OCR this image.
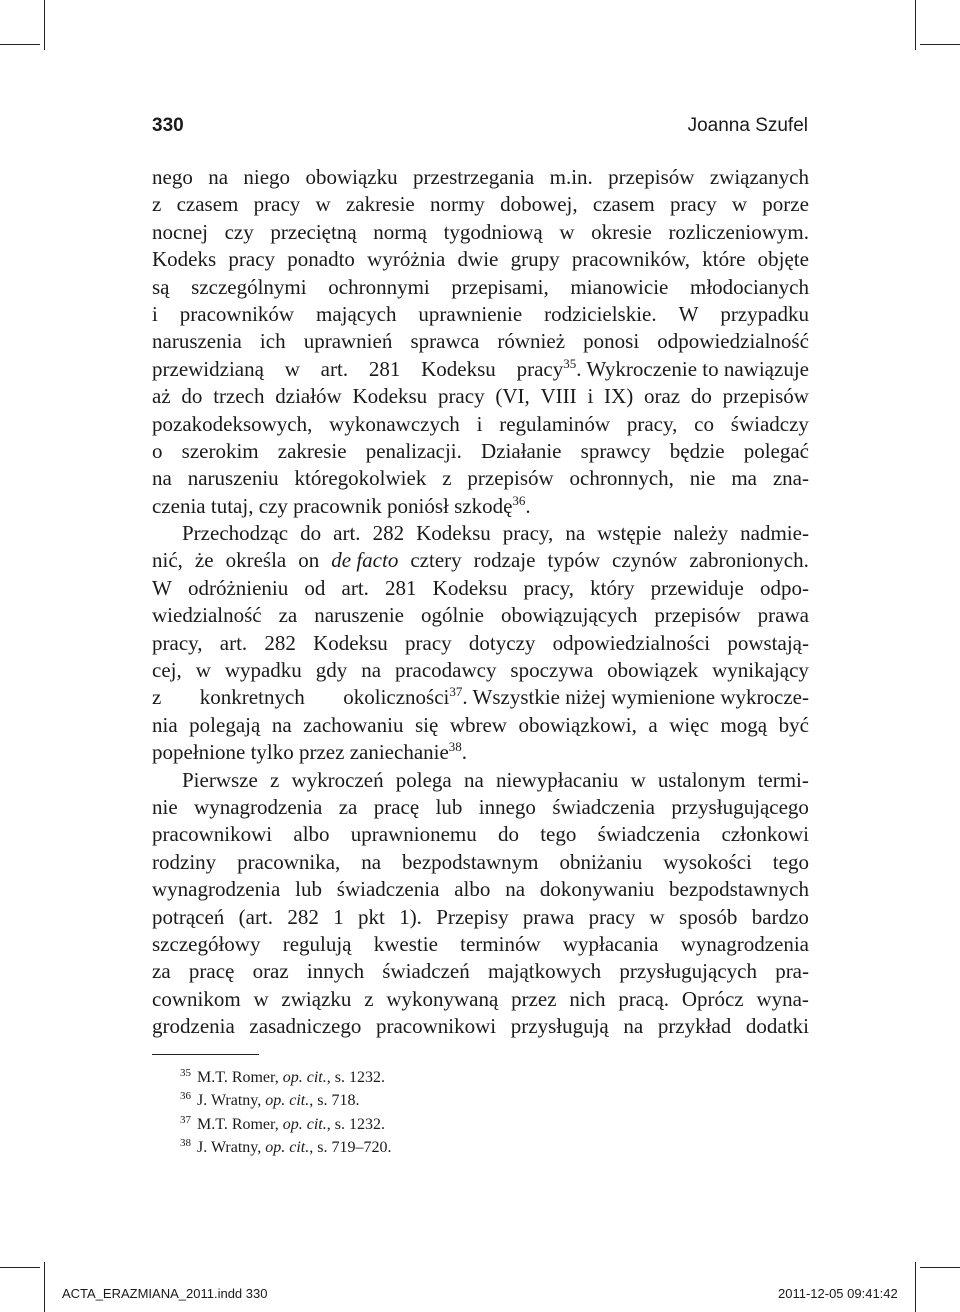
330	Joanna Szufel
nego na niego obowiązku przestrzegania m.in. przepisów związanych
z czasem pracy w zakresie normy dobowej, czasem pracy w porze
nocnej czy przeciętną normą tygodniową w okresie rozliczeniowym.
Kodeks pracy ponadto wyróżnia dwie grupy pracowników, które objęte
są szczególnymi ochronnymi przepisami, mianowicie młodocianych
i pracowników mających uprawnienie rodzicielskie. W przypadku
naruszenia ich uprawnień sprawca również ponosi odpowiedzialność
przewidzianą w art. 281 Kodeksu pracy$^{35}$. Wykroczenie to nawiązuje
aż do trzech działów Kodeksu pracy (VI, VIII i IX) oraz do przepisów
pozakodeksowych, wykonawczych i regulaminów pracy, co świadczy
o szerokim zakresie penalizacji. Działanie sprawcy będzie polegać
na naruszeniu któregokolwiek z przepisów ochronnych, nie ma zna-
czenia tutaj, czy pracownik poniósł szkodę$^{36}$.
Przechodząc do art. 282 Kodeksu pracy, na wstępie należy nadmie-
nić, że określa on de facto cztery rodzaje typów czynów zabronionych.
W odróżnieniu od art. 281 Kodeksu pracy, który przewiduje odpo-
wiedzialność za naruszenie ogólnie obowiązujących przepisów prawa
pracy, art. 282 Kodeksu pracy dotyczy odpowiedzialności powstają-
cej, w wypadku gdy na pracodawcy spoczywa obowiązek wynikający
z konkretnych okoliczności$^{37}$. Wszystkie niżej wymienione wykrocze-
nia polegają na zachowaniu się wbrew obowiązkowi, a więc mogą być
popełnione tylko przez zaniechanie$^{38}$.
Pierwsze z wykroczeń polega na niewypłacaniu w ustalonym termi-
nie wynagrodzenia za pracę lub innego świadczenia przysługującego
pracownikowi albo uprawnionemu do tego świadczenia członkowi
rodziny pracownika, na bezpodstawnym obniżaniu wysokości tego
wynagrodzenia lub świadczenia albo na dokonywaniu bezpodstawnych
potrąceń (art. 282 1 pkt 1). Przepisy prawa pracy w sposób bardzo
szczegółowy regulują kwestie terminów wypłacania wynagrodzenia
za pracę oraz innych świadczeń majątkowych przysługujących pra-
cownikom w związku z wykonywaną przez nich pracą. Oprócz wyna-
grodzenia zasadniczego pracownikowi przysługują na przykład dodatki
$^{35}$ M.T. Romer, op. cit., s. 1232.
$^{36}$ J. Wratny, op. cit., s. 718.
$^{37}$ M.T. Romer, op. cit., s. 1232.
$^{38}$ J. Wratny, op. cit., s. 719–720.
ACTA_ERAZMIANA_2011.indd 330	2011-12-05 09:41:42
